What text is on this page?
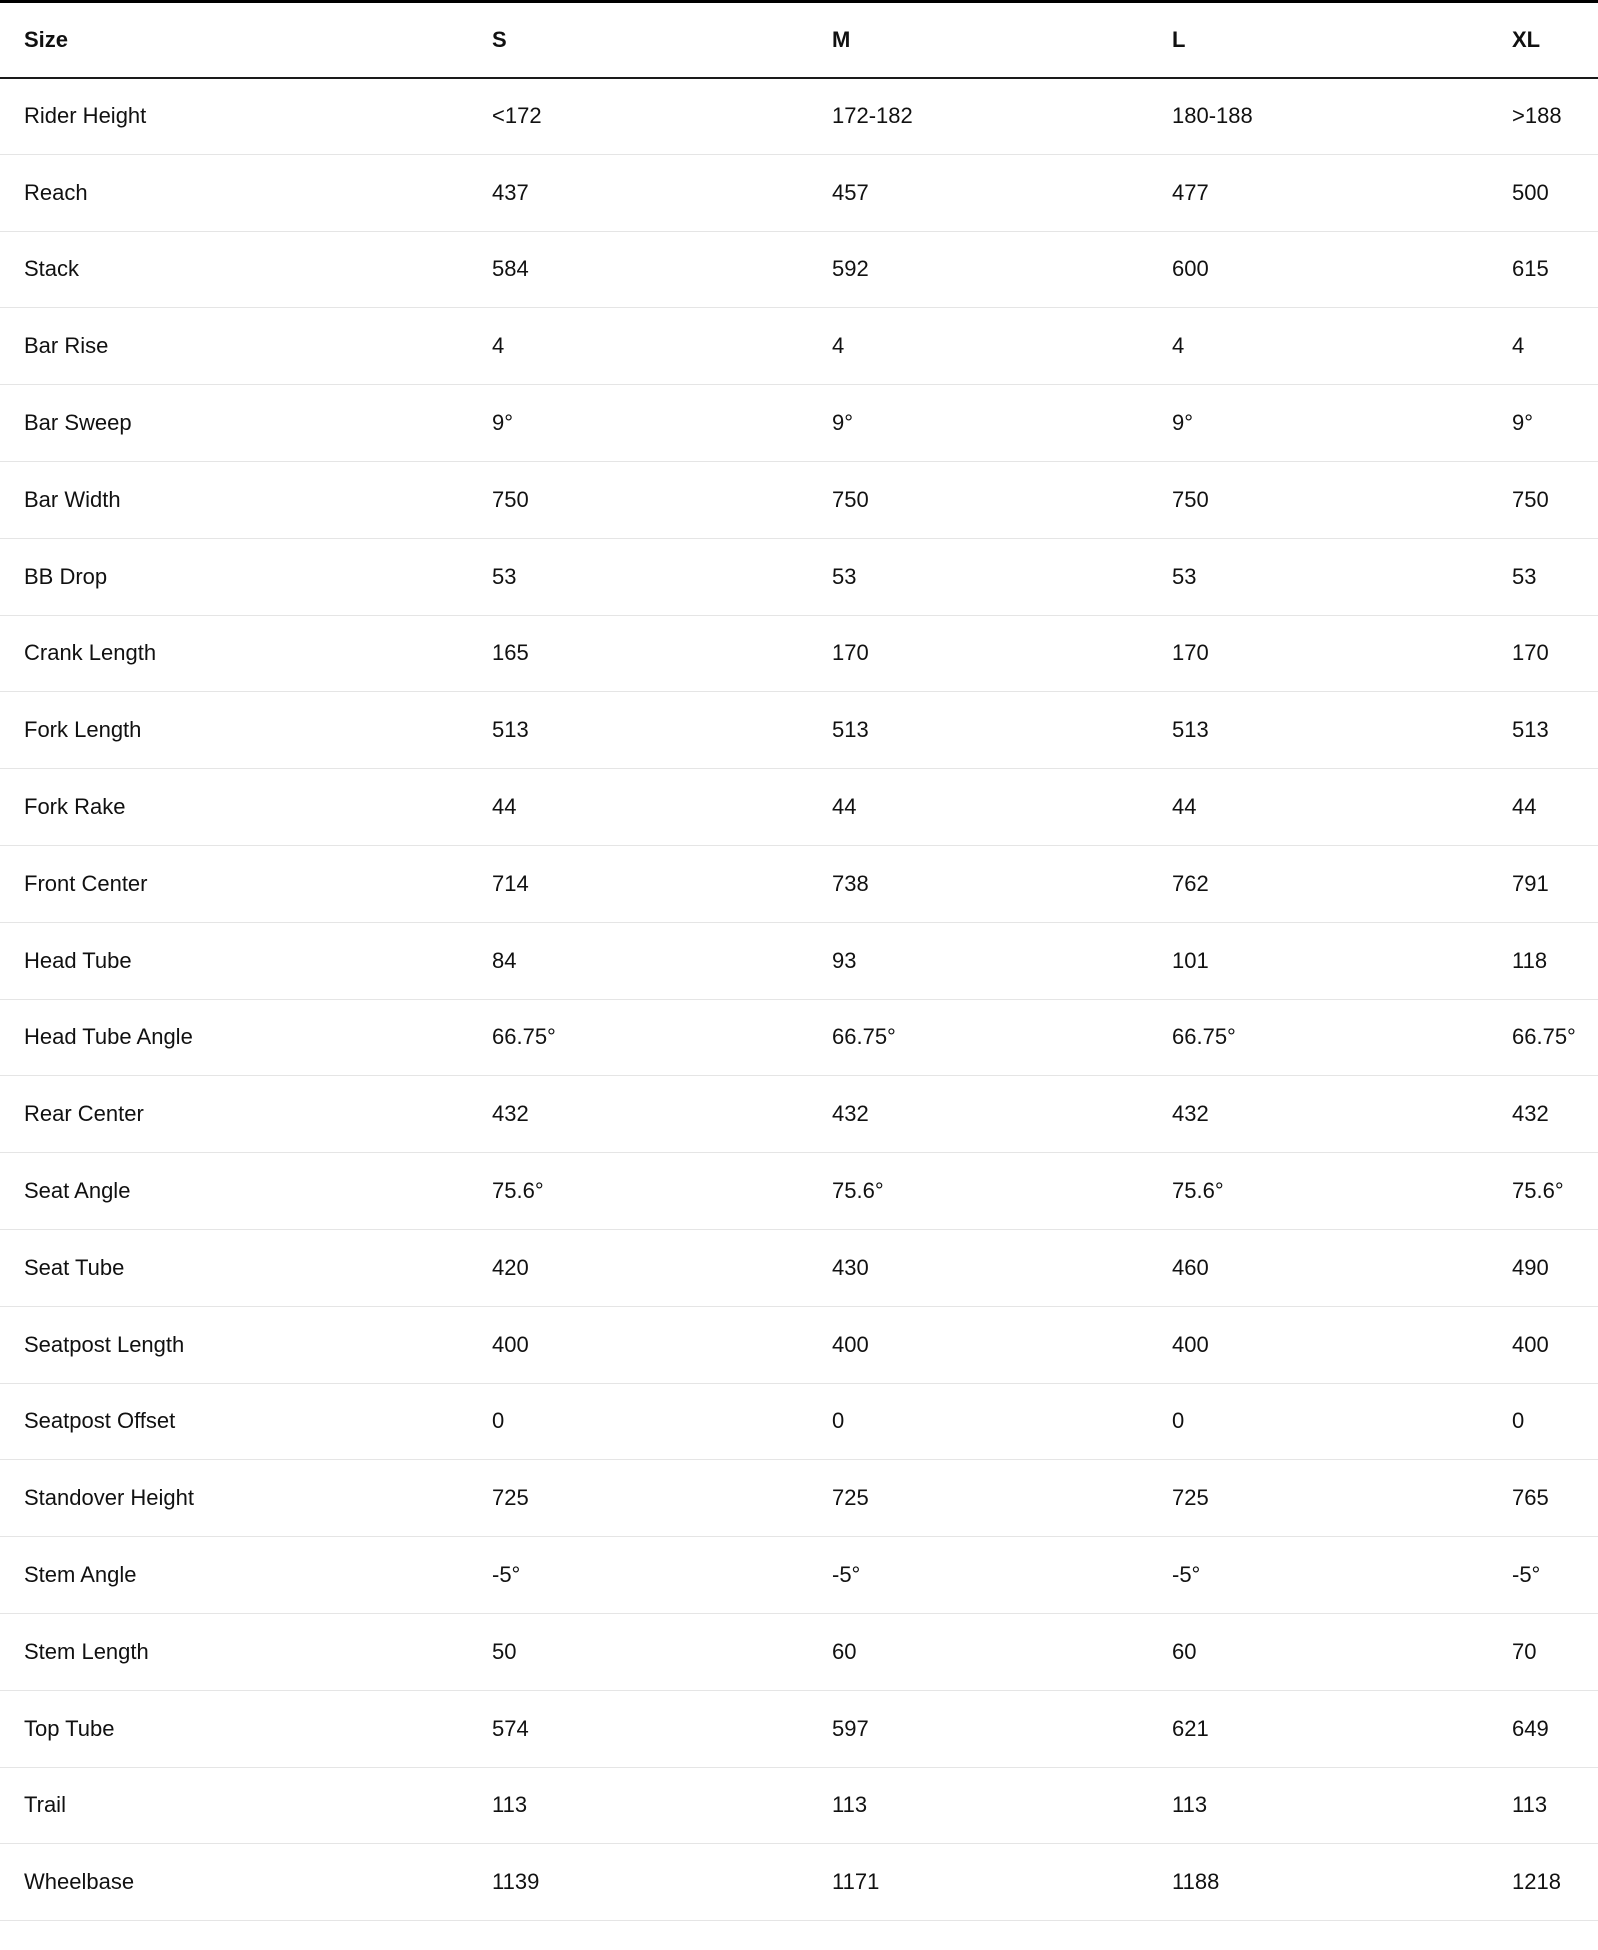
Size	S	M	L	XL
Rider Height	<172	172-182	180-188	>188
Reach	437	457	477	500
Stack	584	592	600	615
Bar Rise	4	4	4	4
Bar Sweep	9°	9°	9°	9°
Bar Width	750	750	750	750
BB Drop	53	53	53	53
Crank Length	165	170	170	170
Fork Length	513	513	513	513
Fork Rake	44	44	44	44
Front Center	714	738	762	791
Head Tube	84	93	101	118
Head Tube Angle	66.75°	66.75°	66.75°	66.75°
Rear Center	432	432	432	432
Seat Angle	75.6°	75.6°	75.6°	75.6°
Seat Tube	420	430	460	490
Seatpost Length	400	400	400	400
Seatpost Offset	0	0	0	0
Standover Height	725	725	725	765
Stem Angle	-5°	-5°	-5°	-5°
Stem Length	50	60	60	70
Top Tube	574	597	621	649
Trail	113	113	113	113
Wheelbase	1139	1171	1188	1218
